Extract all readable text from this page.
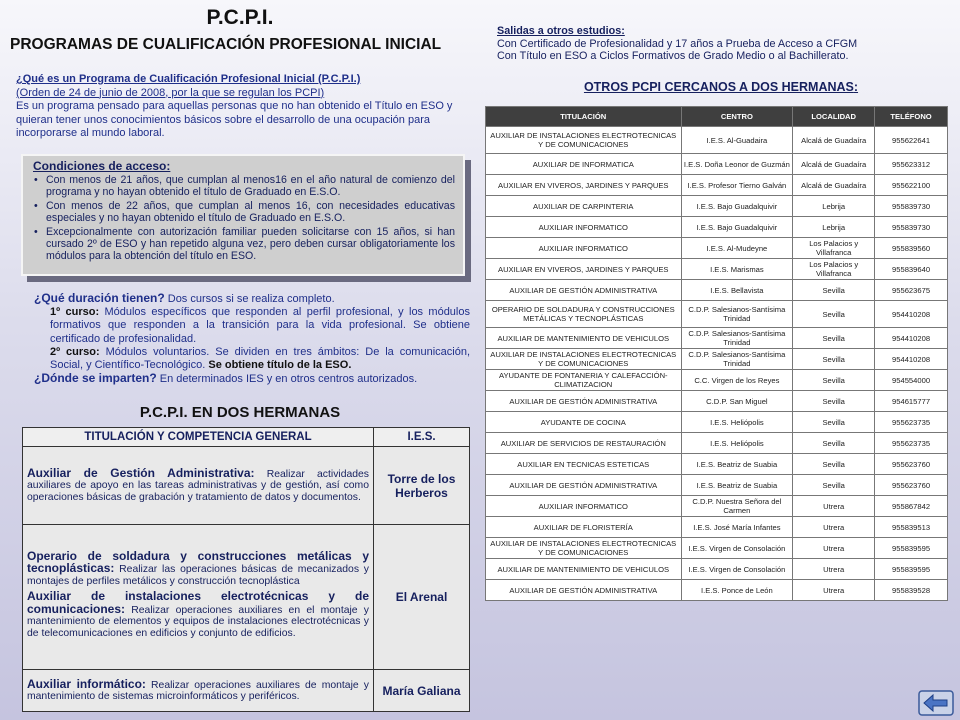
P.C.P.I.
PROGRAMAS DE CUALIFICACIÓN PROFESIONAL INICIAL
¿Qué es un Programa de Cualificación Profesional Inicial (P.C.P.I.)
(Orden de 24 de junio de 2008, por la que se regulan los PCPI)
Es un programa pensado para aquellas personas que no han obtenido el Título en ESO y quieran tener unos conocimientos básicos sobre el desarrollo de una ocupación para incorporarse al mundo laboral.
Condiciones de acceso:
• Con menos de 21 años, que cumplan al menos16 en el año natural de comienzo del programa y no hayan obtenido el título de Graduado en E.S.O.
• Con menos de 22 años, que cumplan al menos 16, con necesidades educativas especiales y no hayan obtenido el título de Graduado en E.S.O.
• Excepcionalmente con autorización familiar pueden solicitarse con 15 años, si han cursado 2º de ESO y han repetido alguna vez, pero deben cursar obligatoriamente los módulos para la obtención del título en ESO.
¿Qué duración tienen? Dos cursos si se realiza completo.
1º curso: Módulos específicos que responden al perfil profesional, y los módulos formativos que responden a la transición para la vida profesional. Se obtiene certificado de profesionalidad.
2º curso: Módulos voluntarios. Se dividen en tres ámbitos: De la comunicación, Social, y Científico-Tecnológico. Se obtiene título de la ESO.
¿Dónde se imparten? En determinados IES y en otros centros autorizados.
P.C.P.I. EN DOS HERMANAS
TITULACIÓN Y COMPETENCIA GENERAL	I.E.S.
Auxiliar de Gestión Administrativa: Realizar actividades auxiliares de apoyo en las tareas administrativas y de gestión, así como operaciones básicas de grabación y tratamiento de datos y documentos.	Torre de los Herberos

Operario de soldadura y construcciones metálicas y tecnoplásticas: Realizar las operaciones básicas de mecanizados y montajes de perfiles metálicos y construcción tecnoplástica

Auxiliar de instalaciones electrotécnicas y de comunicaciones: Realizar operaciones auxiliares en el montaje y mantenimiento de elementos y equipos de instalaciones electrotécnicas y de telecomunicaciones en edificios y conjunto de edificios.	El Arenal
Auxiliar informático: Realizar operaciones auxiliares de montaje y mantenimiento de sistemas microinformáticos y periféricos.	María Galiana
Salidas a otros estudios:
Con Certificado de Profesionalidad y 17 años a Prueba de Acceso a CFGM
Con Título en ESO a Ciclos Formativos de Grado Medio o al Bachillerato.
OTROS PCPI CERCANOS A DOS HERMANAS:
TITULACIÓN	CENTRO	LOCALIDAD	TELÉFONO
AUXILIAR DE INSTALACIONES ELECTROTECNICAS Y DE COMUNICACIONES	I.E.S. Al-Guadaira	Alcalá de Guadaíra	955622641
AUXILIAR DE INFORMATICA	I.E.S. Doña Leonor de Guzmán	Alcalá de Guadaíra	955623312
AUXILIAR EN VIVEROS, JARDINES Y PARQUES	I.E.S. Profesor Tierno Galván	Alcalá de Guadaíra	955622100
AUXILIAR DE CARPINTERIA	I.E.S. Bajo Guadalquivir	Lebrija	955839730
AUXILIAR INFORMATICO	I.E.S. Bajo Guadalquivir	Lebrija	955839730
AUXILIAR INFORMATICO	I.E.S. Al-Mudeyne	Los Palacios y Villafranca	955839560
AUXILIAR EN VIVEROS, JARDINES Y PARQUES	I.E.S. Marismas	Los Palacios y Villafranca	955839640
AUXILIAR DE GESTIÓN ADMINISTRATIVA	I.E.S. Bellavista	Sevilla	955623675
OPERARIO DE SOLDADURA Y CONSTRUCCIONES METÁLICAS Y TECNOPLÁSTICAS	C.D.P. Salesianos-Santísima Trinidad	Sevilla	954410208
AUXILIAR DE MANTENIMIENTO DE VEHICULOS	C.D.P. Salesianos-Santísima Trinidad	Sevilla	954410208
AUXILIAR DE INSTALACIONES ELECTROTECNICAS Y DE COMUNICACIONES	C.D.P. Salesianos-Santísima Trinidad	Sevilla	954410208
AYUDANTE DE FONTANERIA Y CALEFACCIÓN-CLIMATIZACION	C.C. Virgen de los Reyes	Sevilla	954554000
AUXILIAR DE GESTIÓN ADMINISTRATIVA	C.D.P. San Miguel	Sevilla	954615777
AYUDANTE DE COCINA	I.E.S. Heliópolis	Sevilla	955623735
AUXILIAR DE SERVICIOS DE RESTAURACIÓN	I.E.S. Heliópolis	Sevilla	955623735
AUXILIAR EN TECNICAS ESTETICAS	I.E.S. Beatriz de Suabia	Sevilla	955623760
AUXILIAR DE GESTIÓN ADMINISTRATIVA	I.E.S. Beatriz de Suabia	Sevilla	955623760
AUXILIAR INFORMATICO	C.D.P. Nuestra Señora del Carmen	Utrera	955867842
AUXILIAR DE FLORISTERÍA	I.E.S. José María Infantes	Utrera	955839513
AUXILIAR DE INSTALACIONES ELECTROTECNICAS Y DE COMUNICACIONES	I.E.S. Virgen de Consolación	Utrera	955839595
AUXILIAR DE MANTENIMIENTO DE VEHICULOS	I.E.S. Virgen de Consolación	Utrera	955839595
AUXILIAR DE GESTIÓN ADMINISTRATIVA	I.E.S. Ponce de León	Utrera	955839528
